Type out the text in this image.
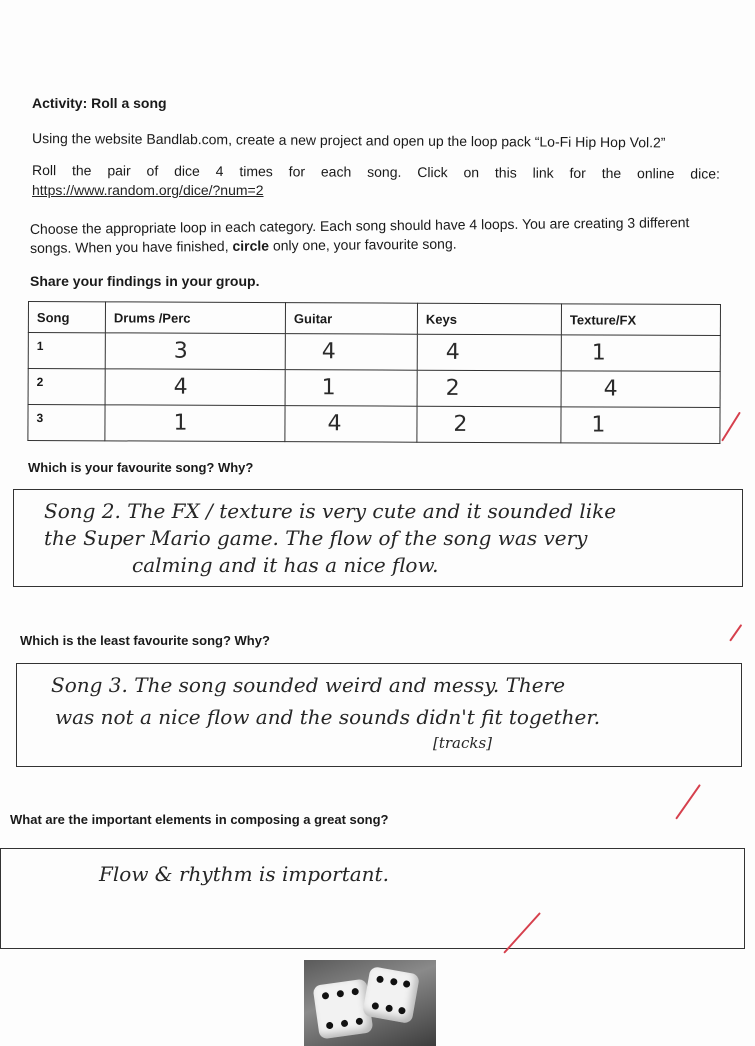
Activity: Roll a song
Using the website Bandlab.com, create a new project and open up the loop pack “Lo-Fi Hip Hop Vol.2”
Roll the pair of dice 4 times for each song. Click on this link for the online dice:
https://www.random.org/dice/?num=2
Choose the appropriate loop in each category. Each song should have 4 loops. You are creating 3 different songs. When you have finished, circle only one, your favourite song.
Share your findings in your group.
Song	Drums /Perc	Guitar	Keys	Texture/FX
1	3	4	4	1
2	4	1	2	4
3	1	4	2	1
Which is your favourite song? Why?
Song 2. The FX / texture is very cute and it sounded like
the Super Mario game. The flow of the song was very
calming and it has a nice flow.
Which is the least favourite song? Why?
Song 3. The song sounded weird and messy. There
was not a nice flow and the sounds didn't fit together.
[tracks]
What are the important elements in composing a great song?
Flow & rhythm is important.
